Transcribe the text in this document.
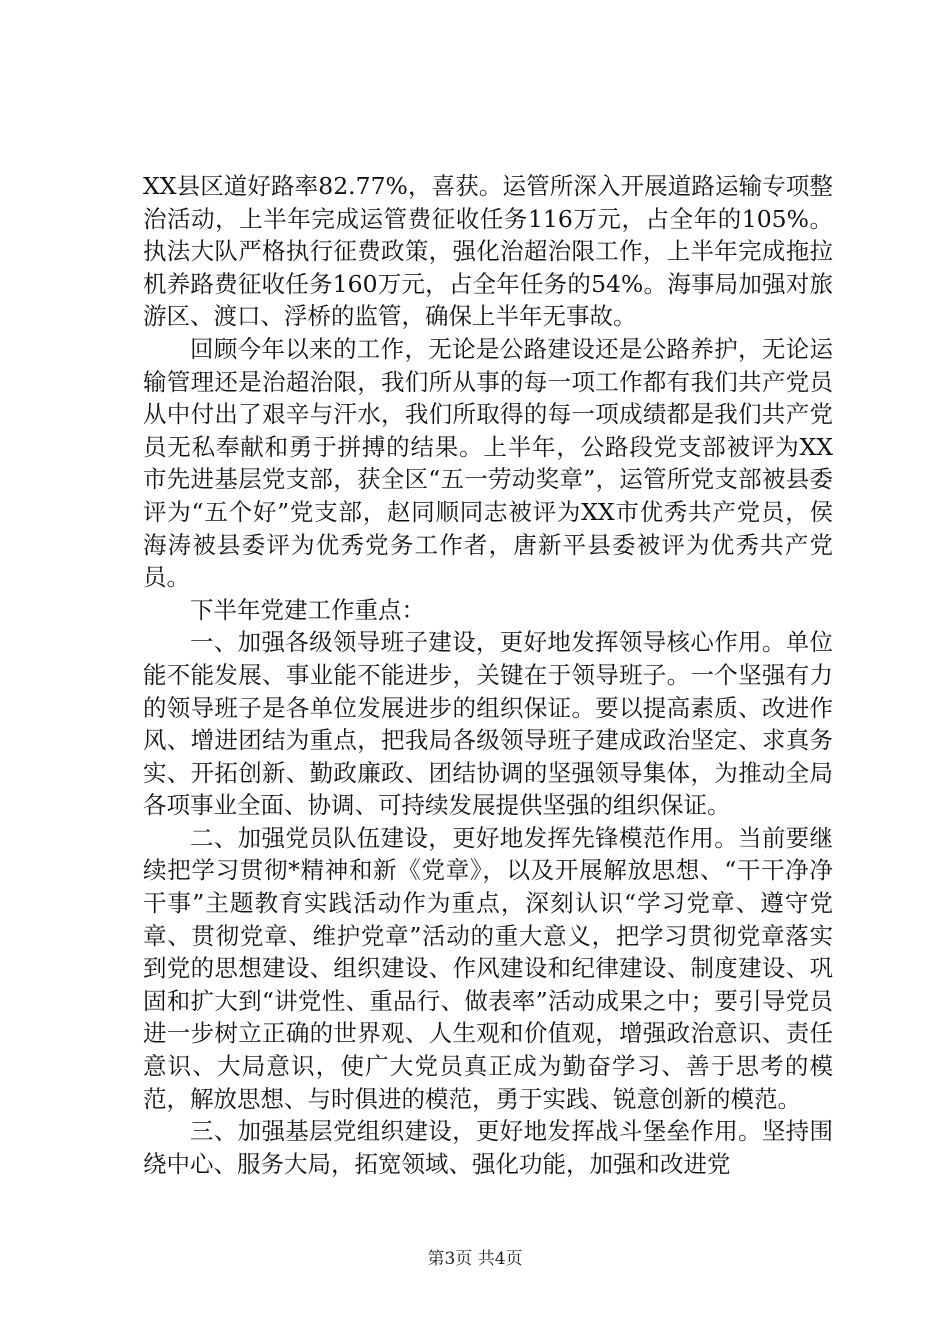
XX县区道好路率82.77%，喜获。运管所深入开展道路运输专项整治活动，上半年完成运管费征收任务116万元，占全年的105%。执法大队严格执行征费政策，强化治超治限工作，上半年完成拖拉机养路费征收任务160万元，占全年任务的54%。海事局加强对旅游区、渡口、浮桥的监管，确保上半年无事故。

回顾今年以来的工作，无论是公路建设还是公路养护，无论运输管理还是治超治限，我们所从事的每一项工作都有我们共产党员从中付出了艰辛与汗水，我们所取得的每一项成绩都是我们共产党员无私奉献和勇于拼搏的结果。上半年，公路段党支部被评为XX市先进基层党支部，获全区“五一劳动奖章”，运管所党支部被县委评为“五个好”党支部，赵同顺同志被评为XX市优秀共产党员，侯海涛被县委评为优秀党务工作者，唐新平县委被评为优秀共产党员。

下半年党建工作重点：

一、加强各级领导班子建设，更好地发挥领导核心作用。单位能不能发展、事业能不能进步，关键在于领导班子。一个坚强有力的领导班子是各单位发展进步的组织保证。要以提高素质、改进作风、增进团结为重点，把我局各级领导班子建成政治坚定、求真务实、开拓创新、勤政廉政、团结协调的坚强领导集体，为推动全局各项事业全面、协调、可持续发展提供坚强的组织保证。

二、加强党员队伍建设，更好地发挥先锋模范作用。当前要继续把学习贯彻*精神和新《党章》，以及开展解放思想、“干干净净干事”主题教育实践活动作为重点，深刻认识“学习党章、遵守党章、贯彻党章、维护党章”活动的重大意义，把学习贯彻党章落实到党的思想建设、组织建设、作风建设和纪律建设、制度建设、巩固和扩大到“讲党性、重品行、做表率”活动成果之中；要引导党员进一步树立正确的世界观、人生观和价值观，增强政治意识、责任意识、大局意识，使广大党员真正成为勤奋学习、善于思考的模范，解放思想、与时俱进的模范，勇于实践、锐意创新的模范。

三、加强基层党组织建设，更好地发挥战斗堡垒作用。坚持围绕中心、服务大局，拓宽领域、强化功能，加强和改进党

第3页 共4页
